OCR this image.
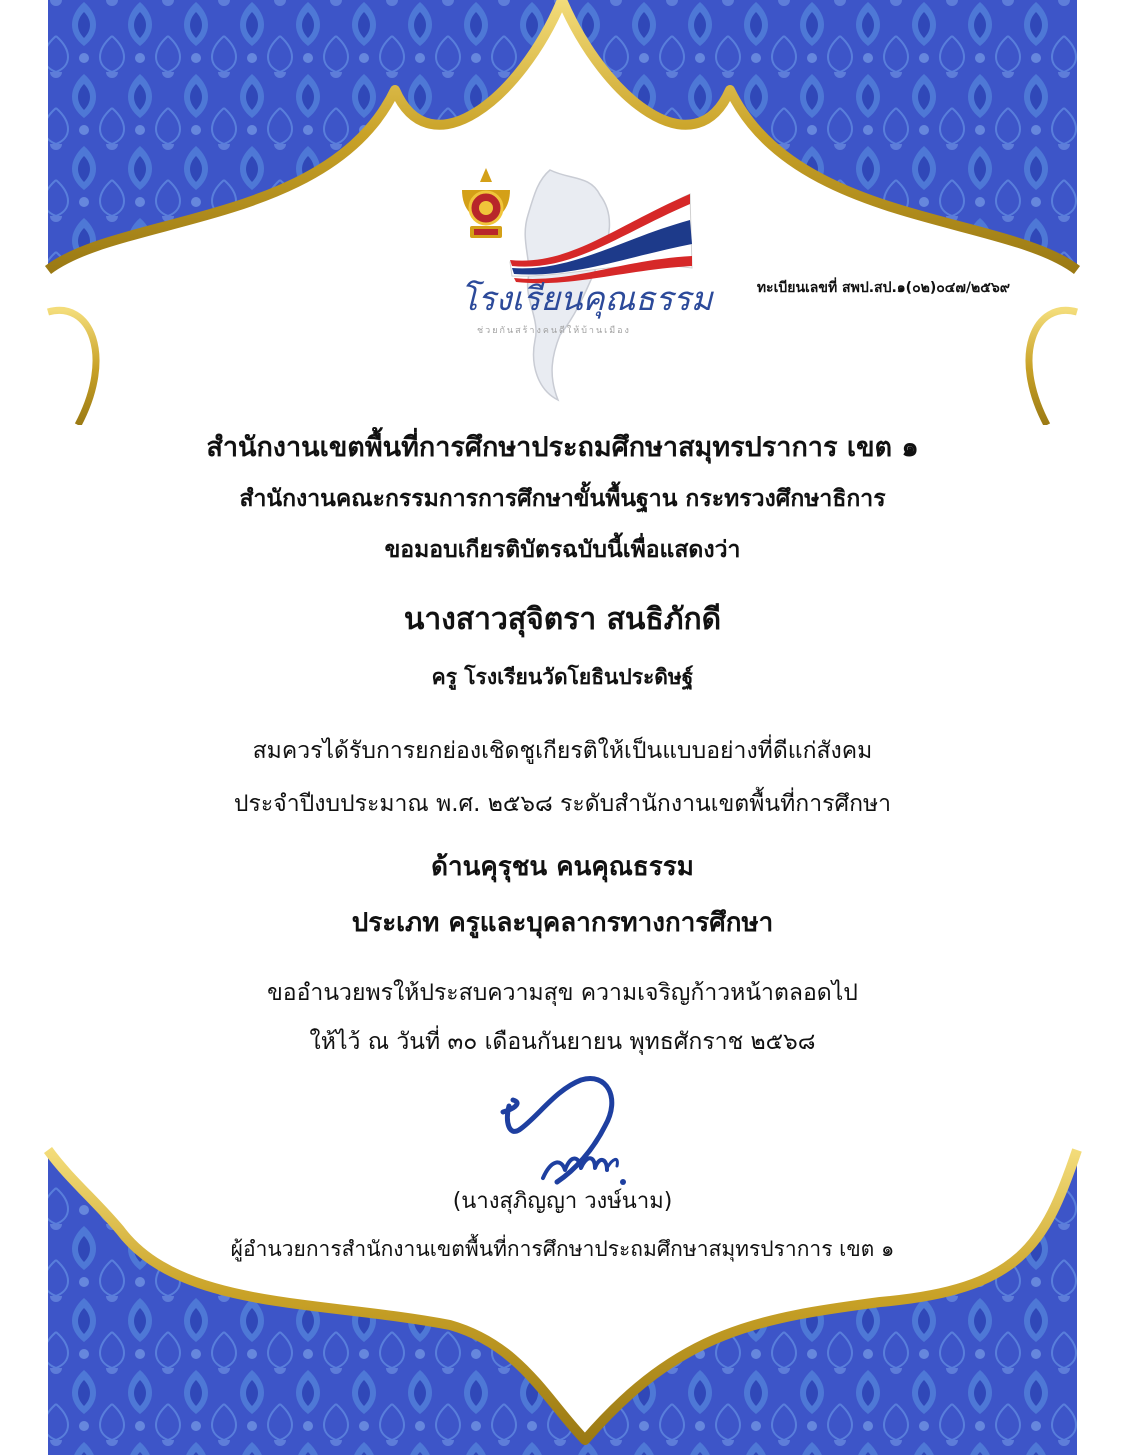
โรงเรียนคุณธรรม
ช่วยกันสร้างคนดีให้บ้านเมือง
ทะเบียนเลขที่ สพป.สป.๑(๐๒)๐๔๗/๒๕๖๙

สำนักงานเขตพื้นที่การศึกษาประถมศึกษาสมุทรปราการ เขต ๑

สำนักงานคณะกรรมการการศึกษาขั้นพื้นฐาน กระทรวงศึกษาธิการ

ขอมอบเกียรติบัตรฉบับนี้เพื่อแสดงว่า

นางสาวสุจิตรา สนธิภักดี

ครู โรงเรียนวัดโยธินประดิษฐ์

สมควรได้รับการยกย่องเชิดชูเกียรติให้เป็นแบบอย่างที่ดีแก่สังคม

ประจำปีงบประมาณ พ.ศ. ๒๕๖๘ ระดับสำนักงานเขตพื้นที่การศึกษา

ด้านคุรุชน คนคุณธรรม

ประเภท ครูและบุคลากรทางการศึกษา

ขออำนวยพรให้ประสบความสุข ความเจริญก้าวหน้าตลอดไป

ให้ไว้ ณ วันที่ ๓๐ เดือนกันยายน พุทธศักราช ๒๕๖๘

(นางสุภิญญา วงษ์นาม)

ผู้อำนวยการสำนักงานเขตพื้นที่การศึกษาประถมศึกษาสมุทรปราการ เขต ๑
